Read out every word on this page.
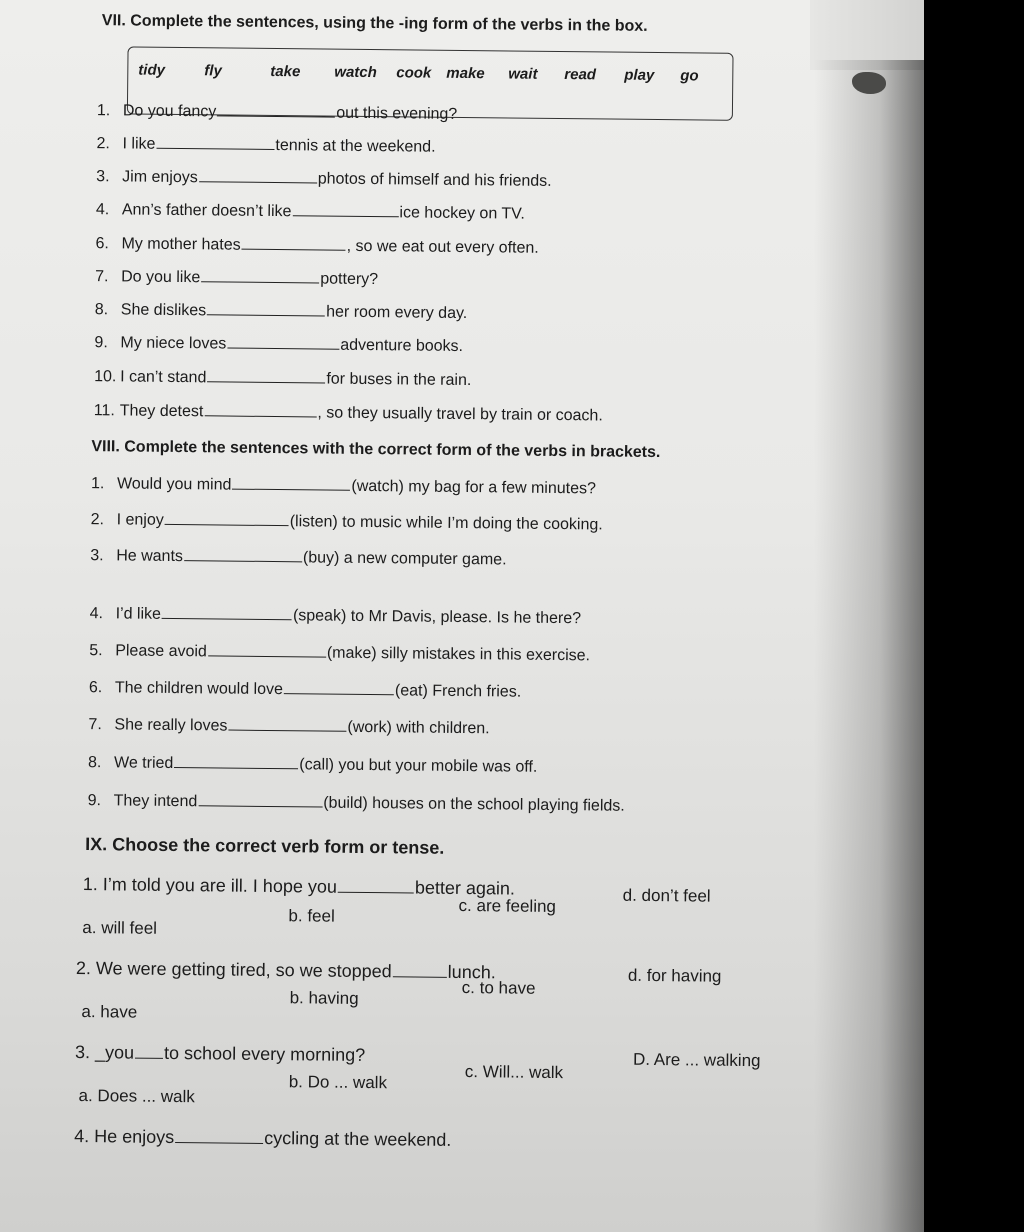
VII. Complete the sentences, using the -ing form of the verbs in the box.

tidy	fly	take watch cook make wait read play go
1. Do you fancy	out this evening?
2. I like	tennis at the weekend.
3. Jim enjoys	photos of himself and his friends.
4. Ann’s father doesn’t like	ice hockey on TV.
6. My mother hates	, so we eat out every often.
7. Do you like	pottery?
8. She dislikes	her room every day.
9. My niece loves	adventure books.
10. I can’t stand	for buses in the rain.
11. They detest	, so they usually travel by train or coach.

VIII. Complete the sentences with the correct form of the verbs in brackets.

1. Would you mind	(watch) my bag for a few minutes?
2. I enjoy	(listen) to music while I’m doing the cooking.
3. He wants	(buy) a new computer game.
4. I’d like	(speak) to Mr Davis, please. Is he there?
5. Please avoid	(make) silly mistakes in this exercise.
6. The children would love	(eat) French fries.
7. She really loves	(work) with children.
8. We tried	(call) you but your mobile was off.
9. They intend	(build) houses on the school playing fields.

IX. Choose the correct verb form or tense.

1. I’m told you are ill. I hope you	better again.
a. will feel
b. feel	c. are feeling
d. don’t feel
2. We were getting tired, so we stopped	lunch.
a. have
b. having
c. to have
d. for having
3. _you to school every morning?
a. Does ... walk
b. Do ... walk
c. Will... walk
D. Are ... walking
4. He enjoys	cycling at the weekend.
